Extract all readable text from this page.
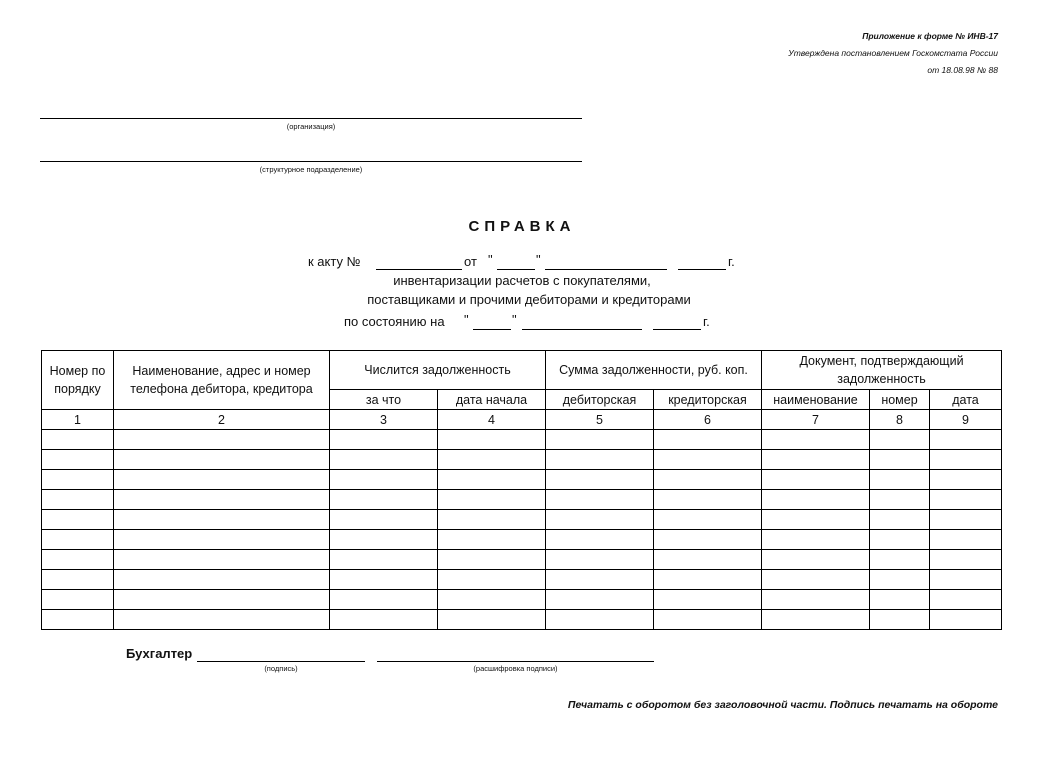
Приложение к форме № ИНВ-17
Утверждена постановлением Госкомстата России
от 18.08.98 № 88
(организация)
(структурное подразделение)
СПРАВКА
к акту №	от "	"	г.
инвентаризации расчетов с покупателями,
поставщиками и прочими дебиторами и кредиторами
по состоянию на "	"	г.
Номер по порядку	Наименование, адрес и номер телефона дебитора, кредитора	Числится задолженность		Сумма задолженности, руб. коп.		Документ, подтверждающий задолженность		
		за что	дата начала	дебиторская	кредиторская	наименование	номер	дата
1	2	3	4	5	6	7	8	9

Бухгалтер
(подпись)	(расшифровка подписи)
Печатать с оборотом без заголовочной части. Подпись печатать на обороте
